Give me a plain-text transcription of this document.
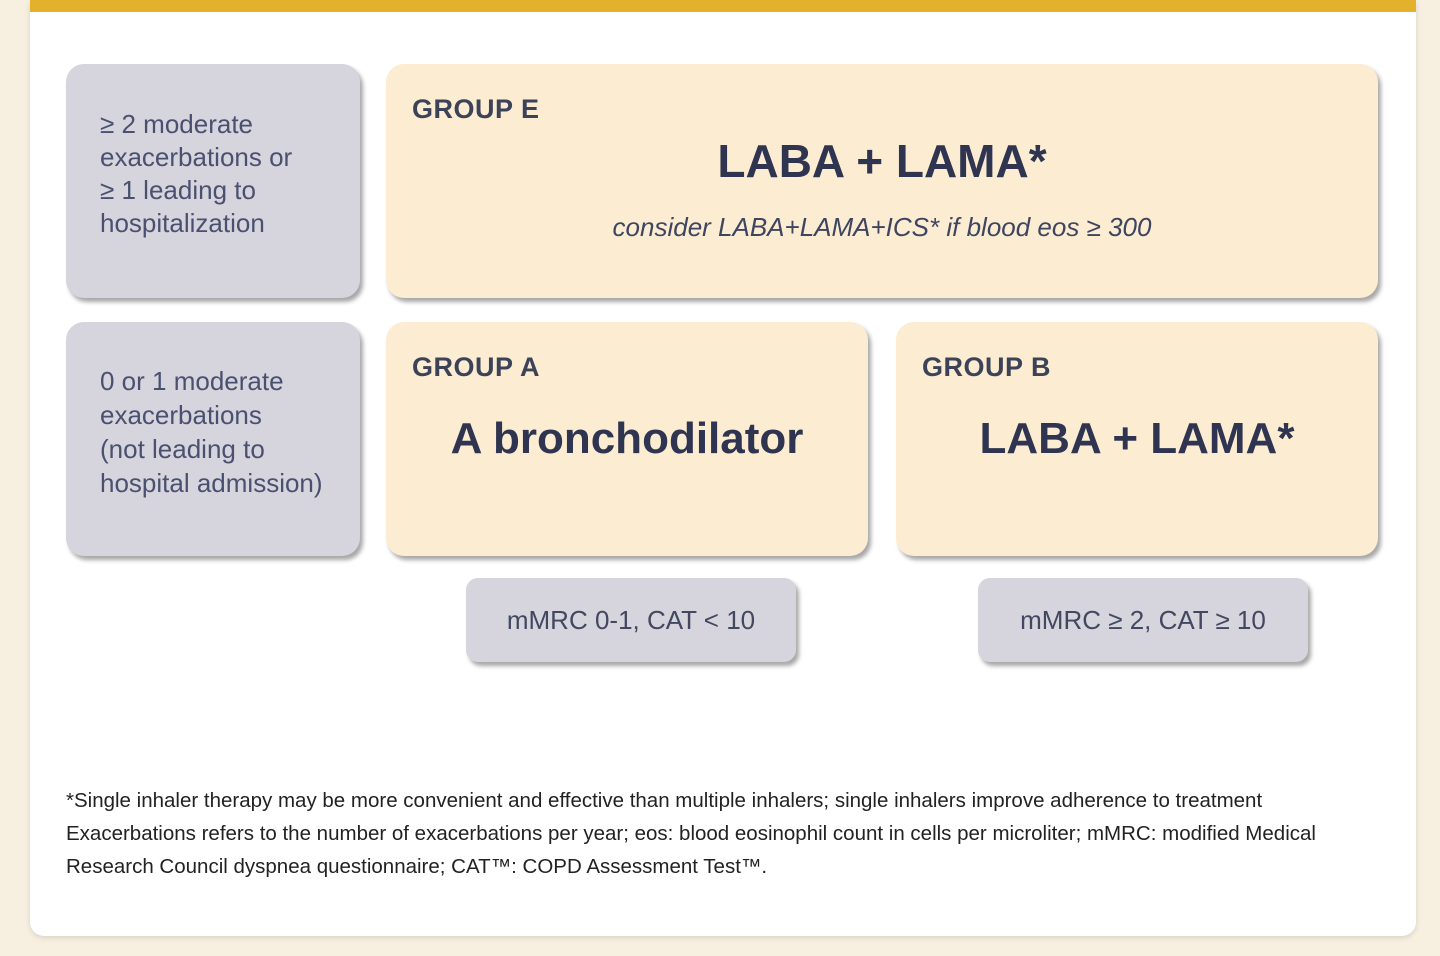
≥ 2 moderate
exacerbations or
≥ 1 leading to
hospitalization
GROUP E
LABA + LAMA*
consider LABA+LAMA+ICS* if blood eos ≥ 300
0 or 1 moderate
exacerbations
(not leading to
hospital admission)
GROUP A
A bronchodilator
GROUP B
LABA + LAMA*
mMRC 0-1, CAT < 10	mMRC ≥ 2, CAT ≥ 10
*Single inhaler therapy may be more convenient and effective than multiple inhalers; single inhalers improve adherence to treatment
Exacerbations refers to the number of exacerbations per year; eos: blood eosinophil count in cells per microliter; mMRC: modified Medical Research Council dyspnea questionnaire; CAT™: COPD Assessment Test™.
